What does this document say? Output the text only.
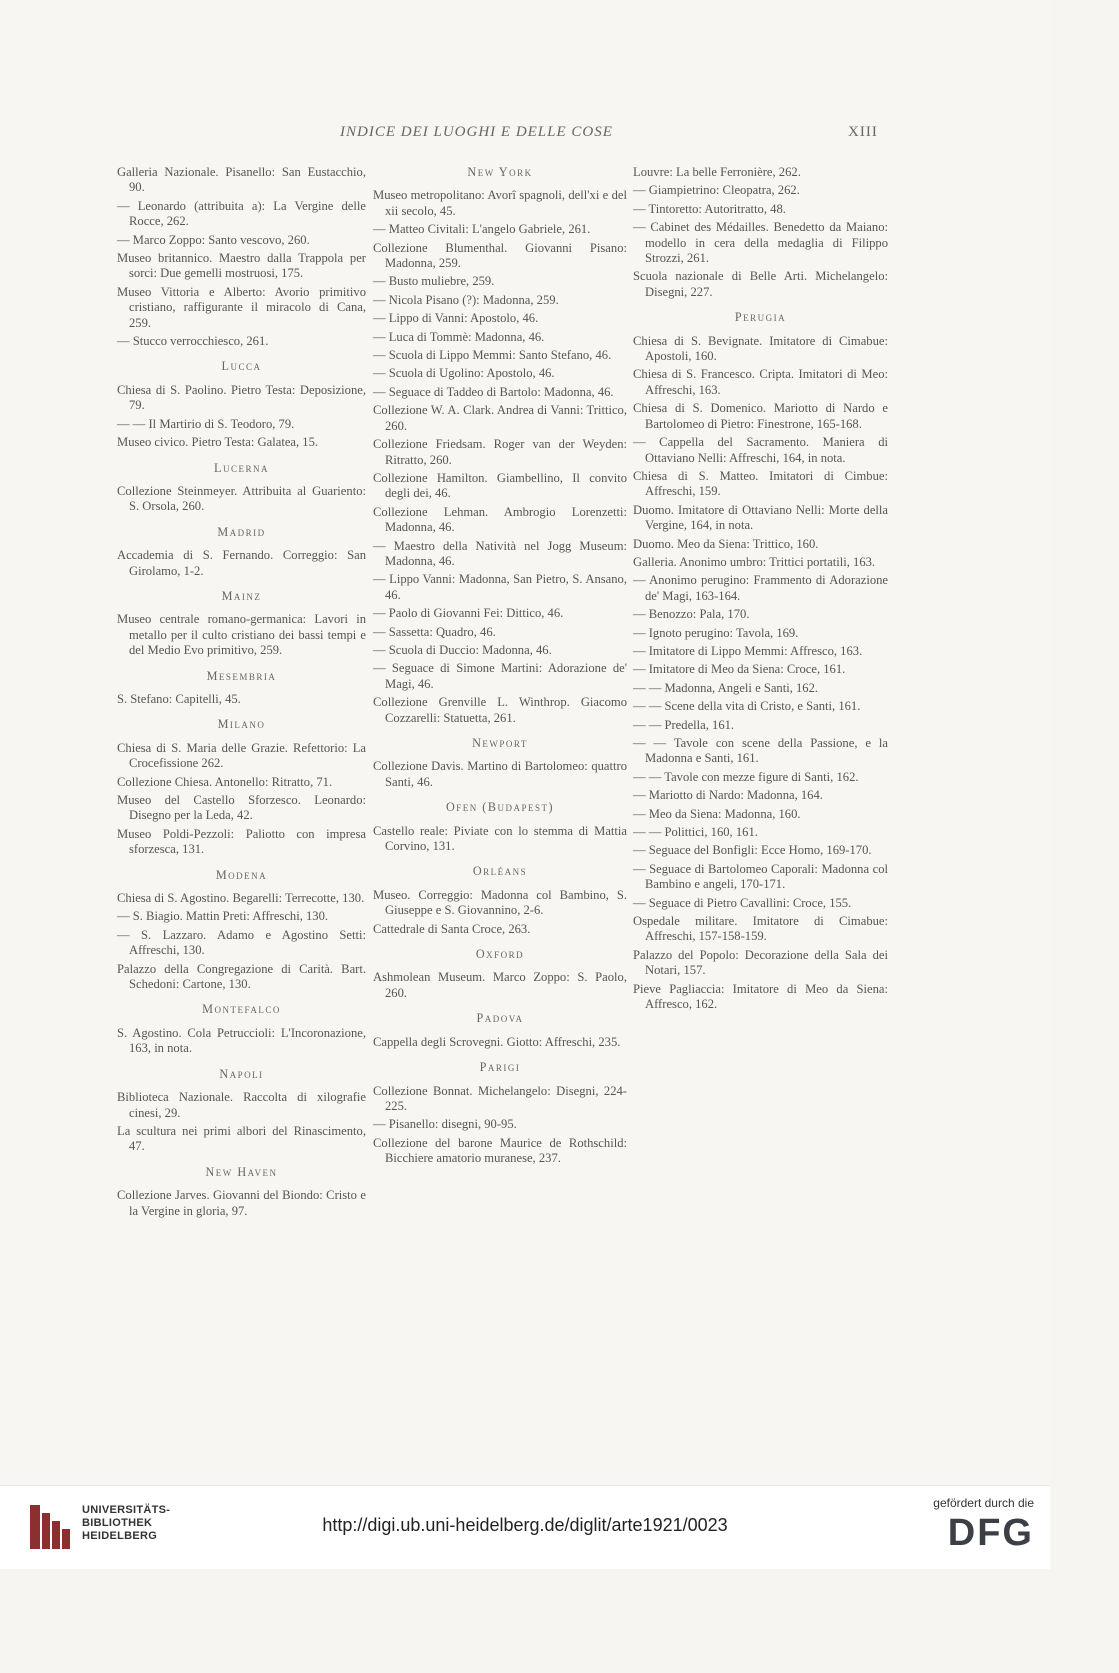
INDICE DEI LUOGHI E DELLE COSE	XIII
Galleria Nazionale. Pisanello: San Eustacchio, 90.
— Leonardo (attribuita a): La Vergine delle Rocce, 262.
— Marco Zoppo: Santo vescovo, 260.
Museo britannico. Maestro dalla Trappola per sorci: Due gemelli mostruosi, 175.
Museo Vittoria e Alberto: Avorio primitivo cristiano, raffigurante il miracolo di Cana, 259.
— Stucco verrocchiesco, 261.
Lucca
Chiesa di S. Paolino. Pietro Testa: Deposizione, 79.
— — Il Martirio di S. Teodoro, 79.
Museo civico. Pietro Testa: Galatea, 15.
Lucerna
Collezione Steinmeyer. Attribuita al Guariento: S. Orsola, 260.
Madrid
Accademia di S. Fernando. Correggio: San Girolamo, 1-2.
Mainz
Museo centrale romano-germanica: Lavori in metallo per il culto cristiano dei bassi tempi e del Medio Evo primitivo, 259.
Mesembria
S. Stefano: Capitelli, 45.
Milano
Chiesa di S. Maria delle Grazie. Refettorio: La Crocefissione 262.
Collezione Chiesa. Antonello: Ritratto, 71.
Museo del Castello Sforzesco. Leonardo: Disegno per la Leda, 42.
Museo Poldi-Pezzoli: Paliotto con impresa sforzesca, 131.
Modena
Chiesa di S. Agostino. Begarelli: Terrecotte, 130.
— S. Biagio. Mattin Preti: Affreschi, 130.
— S. Lazzaro. Adamo e Agostino Setti: Affreschi, 130.
Palazzo della Congregazione di Carità. Bart. Schedoni: Cartone, 130.
Montefalco
S. Agostino. Cola Petruccioli: L'Incoronazione, 163, in nota.
Napoli
Biblioteca Nazionale. Raccolta di xilografie cinesi, 29.
La scultura nei primi albori del Rinascimento, 47.
New Haven
Collezione Jarves. Giovanni del Biondo: Cristo e la Vergine in gloria, 97.
New York
Museo metropolitano: Avorî spagnoli, dell'xi e del xii secolo, 45.
— Matteo Civitali: L'angelo Gabriele, 261.
Collezione Blumenthal. Giovanni Pisano: Madonna, 259.
— Busto muliebre, 259.
— Nicola Pisano (?): Madonna, 259.
— Lippo di Vanni: Apostolo, 46.
— Luca di Tommè: Madonna, 46.
— Scuola di Lippo Memmi: Santo Stefano, 46.
— Scuola di Ugolino: Apostolo, 46.
— Seguace di Taddeo di Bartolo: Madonna, 46.
Collezione W. A. Clark. Andrea di Vanni: Trittico, 260.
Collezione Friedsam. Roger van der Weyden: Ritratto, 260.
Collezione Hamilton. Giambellino, Il convito degli dei, 46.
Collezione Lehman. Ambrogio Lorenzetti: Madonna, 46.
— Maestro della Natività nel Jogg Museum: Madonna, 46.
— Lippo Vanni: Madonna, San Pietro, S. Ansano, 46.
— Paolo di Giovanni Fei: Dittico, 46.
— Sassetta: Quadro, 46.
— Scuola di Duccio: Madonna, 46.
— Seguace di Simone Martini: Adorazione de' Magi, 46.
Collezione Grenville L. Winthrop. Giacomo Cozzarelli: Statuetta, 261.
Newport
Collezione Davis. Martino di Bartolomeo: quattro Santi, 46.
Ofen (Budapest)
Castello reale: Piviate con lo stemma di Mattia Corvino, 131.
Orléans
Museo. Correggio: Madonna col Bambino, S. Giuseppe e S. Giovannino, 2-6.
Cattedrale di Santa Croce, 263.
Oxford
Ashmolean Museum. Marco Zoppo: S. Paolo, 260.
Padova
Cappella degli Scrovegni. Giotto: Affreschi, 235.
Parigi
Collezione Bonnat. Michelangelo: Disegni, 224-225.
— Pisanello: disegni, 90-95.
Collezione del barone Maurice de Rothschild: Bicchiere amatorio muranese, 237.
Louvre: La belle Ferronière, 262.
— Giampietrino: Cleopatra, 262.
— Tintoretto: Autoritratto, 48.
— Cabinet des Médailles. Benedetto da Maiano: modello in cera della medaglia di Filippo Strozzi, 261.
Scuola nazionale di Belle Arti. Michelangelo: Disegni, 227.
Perugia
Chiesa di S. Bevignate. Imitatore di Cimabue: Apostoli, 160.
Chiesa di S. Francesco. Cripta. Imitatori di Meo: Affreschi, 163.
Chiesa di S. Domenico. Mariotto di Nardo e Bartolomeo di Pietro: Finestrone, 165-168.
— Cappella del Sacramento. Maniera di Ottaviano Nelli: Affreschi, 164, in nota.
Chiesa di S. Matteo. Imitatori di Cimbue: Affreschi, 159.
Duomo. Imitatore di Ottaviano Nelli: Morte della Vergine, 164, in nota.
Duomo. Meo da Siena: Trittico, 160.
Galleria. Anonimo umbro: Trittici portatili, 163.
— Anonimo perugino: Frammento di Adorazione de' Magi, 163-164.
— Benozzo: Pala, 170.
— Ignoto perugino: Tavola, 169.
— Imitatore di Lippo Memmi: Affresco, 163.
— Imitatore di Meo da Siena: Croce, 161.
— — Madonna, Angeli e Santi, 162.
— — Scene della vita di Cristo, e Santi, 161.
— — Predella, 161.
— — Tavole con scene della Passione, e la Madonna e Santi, 161.
— — Tavole con mezze figure di Santi, 162.
— Mariotto di Nardo: Madonna, 164.
— Meo da Siena: Madonna, 160.
— — Polittici, 160, 161.
— Seguace del Bonfigli: Ecce Homo, 169-170.
— Seguace di Bartolomeo Caporali: Madonna col Bambino e angeli, 170-171.
— Seguace di Pietro Cavallini: Croce, 155.
Ospedale militare. Imitatore di Cimabue: Affreschi, 157-158-159.
Palazzo del Popolo: Decorazione della Sala dei Notari, 157.
Pieve Pagliaccia: Imitatore di Meo da Siena: Affresco, 162.
UNIVERSITÄTS-
BIBLIOTHEK
HEIDELBERG
http://digi.ub.uni-heidelberg.de/diglit/arte1921/0023
gefördert durch die
DFG
